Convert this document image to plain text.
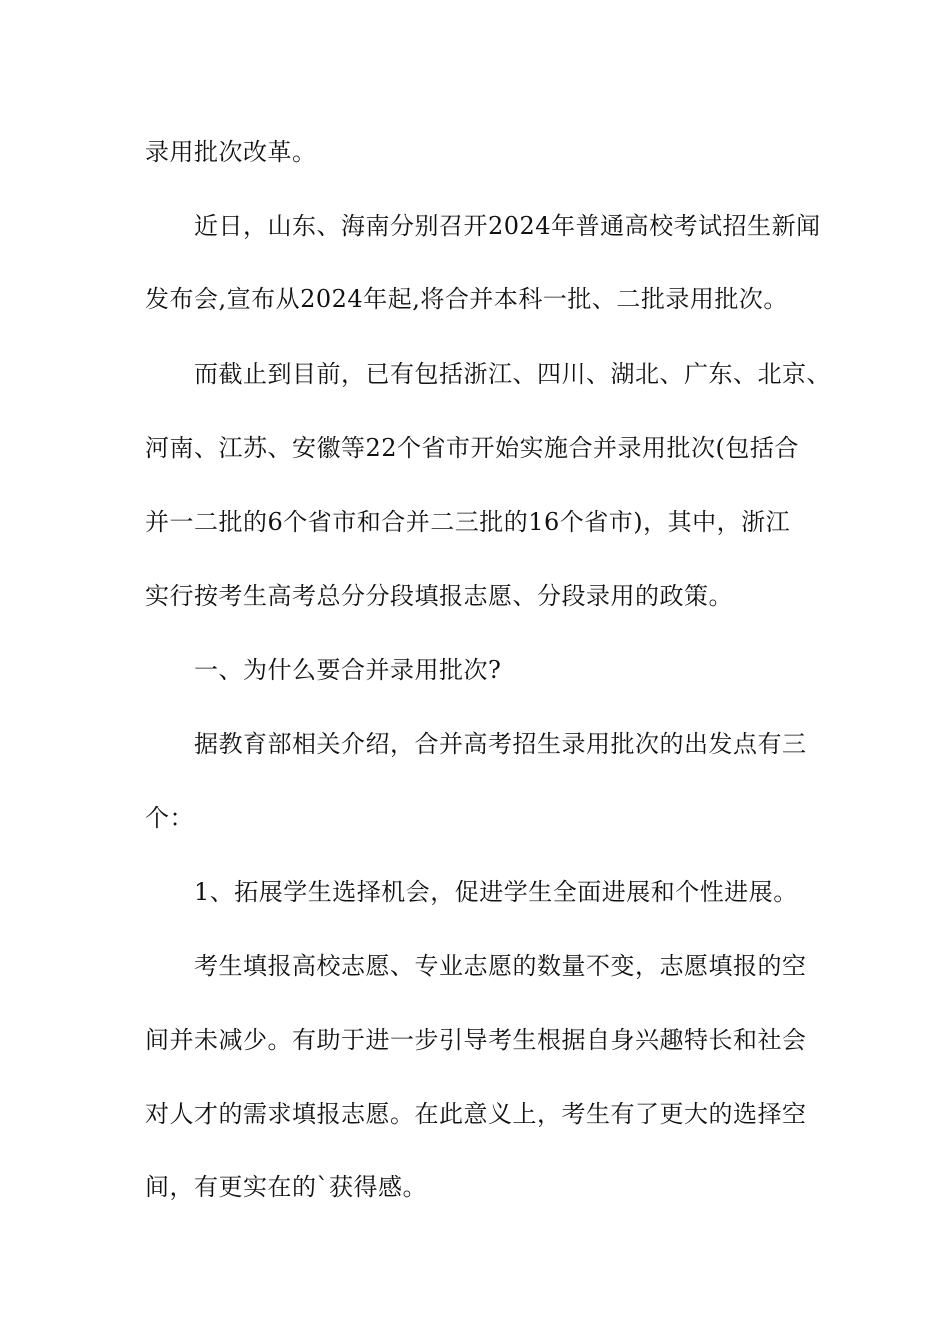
录用批次改革。
近日，山东、海南分别召开2024年普通高校考试招生新闻
发布会,宣布从2024年起,将合并本科一批、二批录用批次。
而截止到目前，已有包括浙江、四川、湖北、广东、北京、
河南、江苏、安徽等22个省市开始实施合并录用批次(包括合
并一二批的6个省市和合并二三批的16个省市)，其中，浙江
实行按考生高考总分分段填报志愿、分段录用的政策。
一、为什么要合并录用批次?
据教育部相关介绍，合并高考招生录用批次的出发点有三
个：
1、拓展学生选择机会，促进学生全面进展和个性进展。
考生填报高校志愿、专业志愿的数量不变，志愿填报的空
间并未减少。有助于进一步引导考生根据自身兴趣特长和社会
对人才的需求填报志愿。在此意义上，考生有了更大的选择空
间，有更实在的`获得感。
